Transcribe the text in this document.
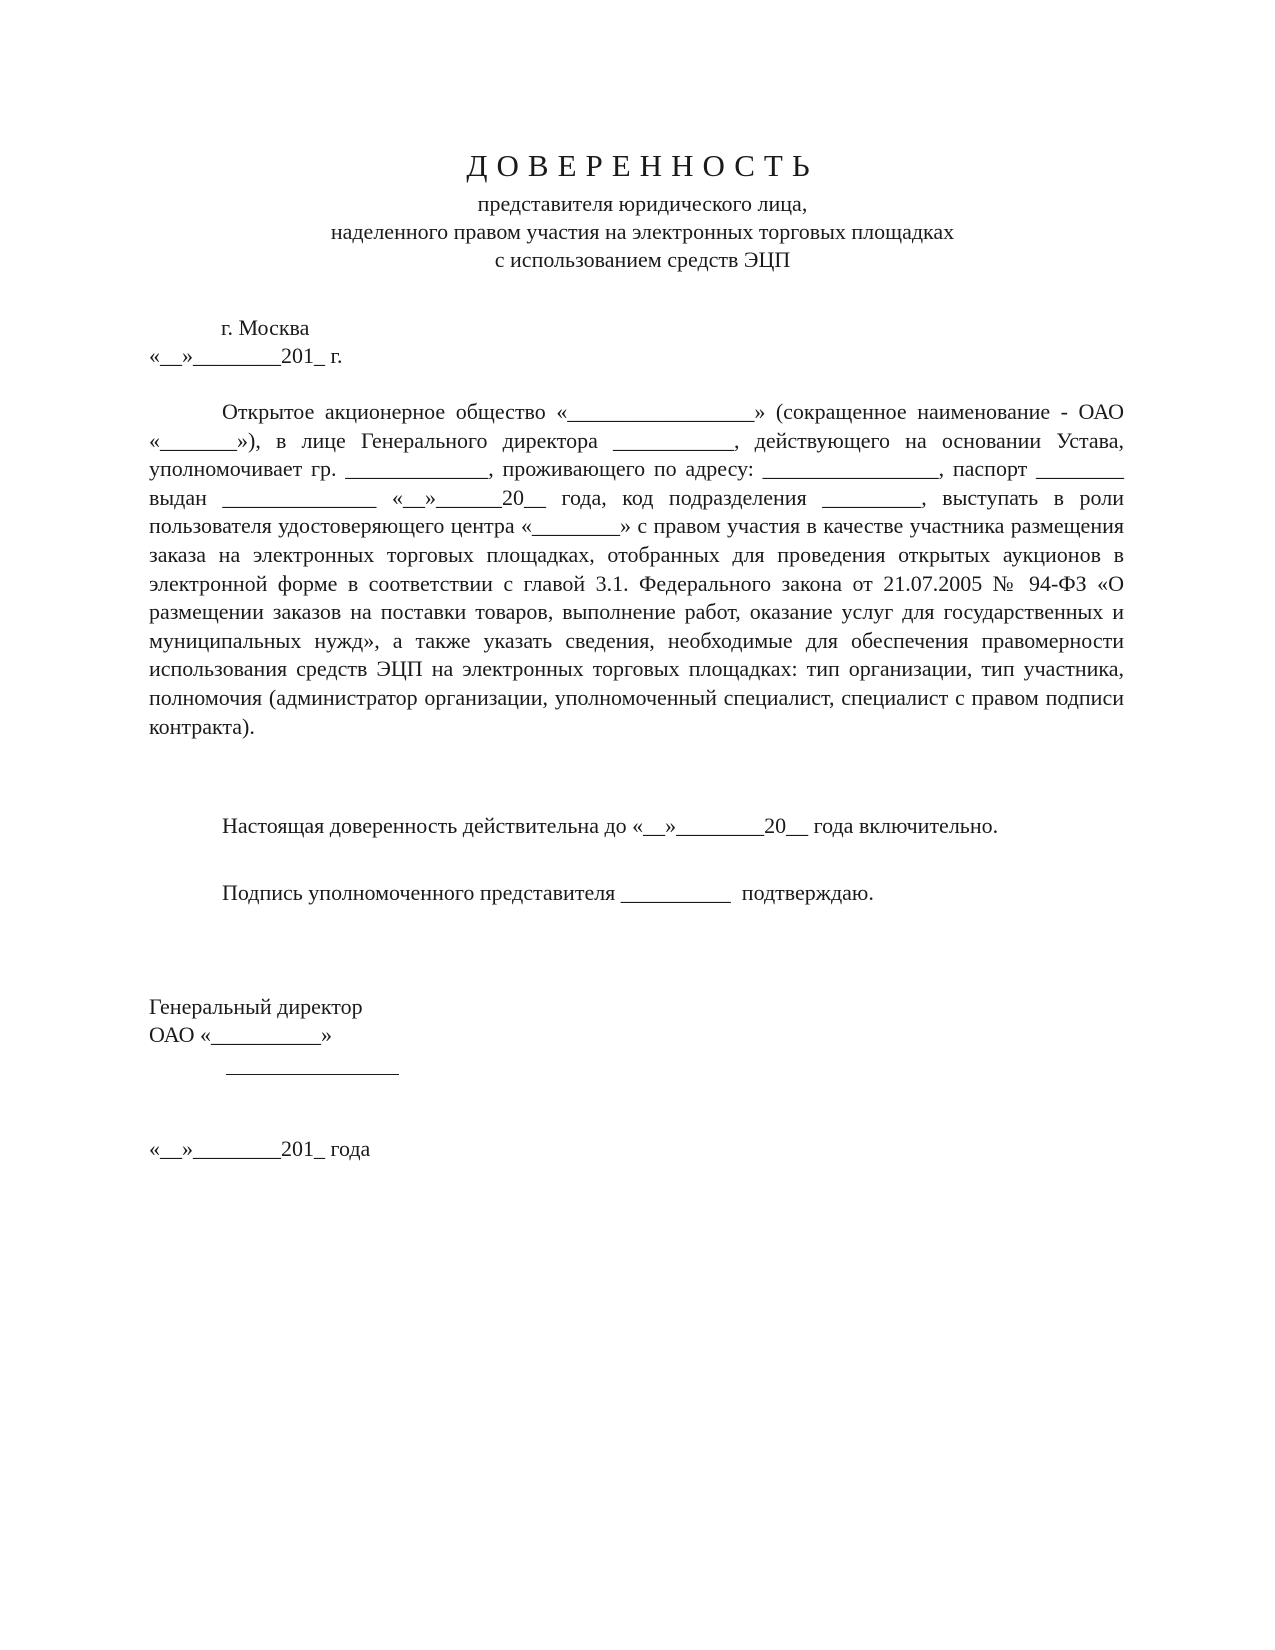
ДОВЕРЕННОСТЬ
представителя юридического лица,
наделенного правом участия на электронных торговых площадках
с использованием средств ЭЦП
г. Москва
«__»________201_ г.
Открытое акционерное общество «_________________» (сокращенное наименование - ОАО «_______»), в лице Генерального директора ___________, действующего на основании Устава, уполномочивает гр. _____________, проживающего по адресу: ________________, паспорт ________ выдан ______________ «__»______20__ года, код подразделения _________, выступать в роли пользователя удостоверяющего центра «________» с правом участия в качестве участника размещения заказа на электронных торговых площадках, отобранных для проведения открытых аукционов в электронной форме в соответствии с главой 3.1. Федерального закона от 21.07.2005 № 94-ФЗ «О размещении заказов на поставки товаров, выполнение работ, оказание услуг для государственных и муниципальных нужд», а также указать сведения, необходимые для обеспечения правомерности использования средств ЭЦП на электронных торговых площадках: тип организации, тип участника, полномочия (администратор организации, уполномоченный специалист, специалист с правом подписи контракта).
Настоящая доверенность действительна до «__»________20__ года включительно.
Подпись уполномоченного представителя __________  подтверждаю.
Генеральный директор
ОАО «__________»
«__»________201_ года
